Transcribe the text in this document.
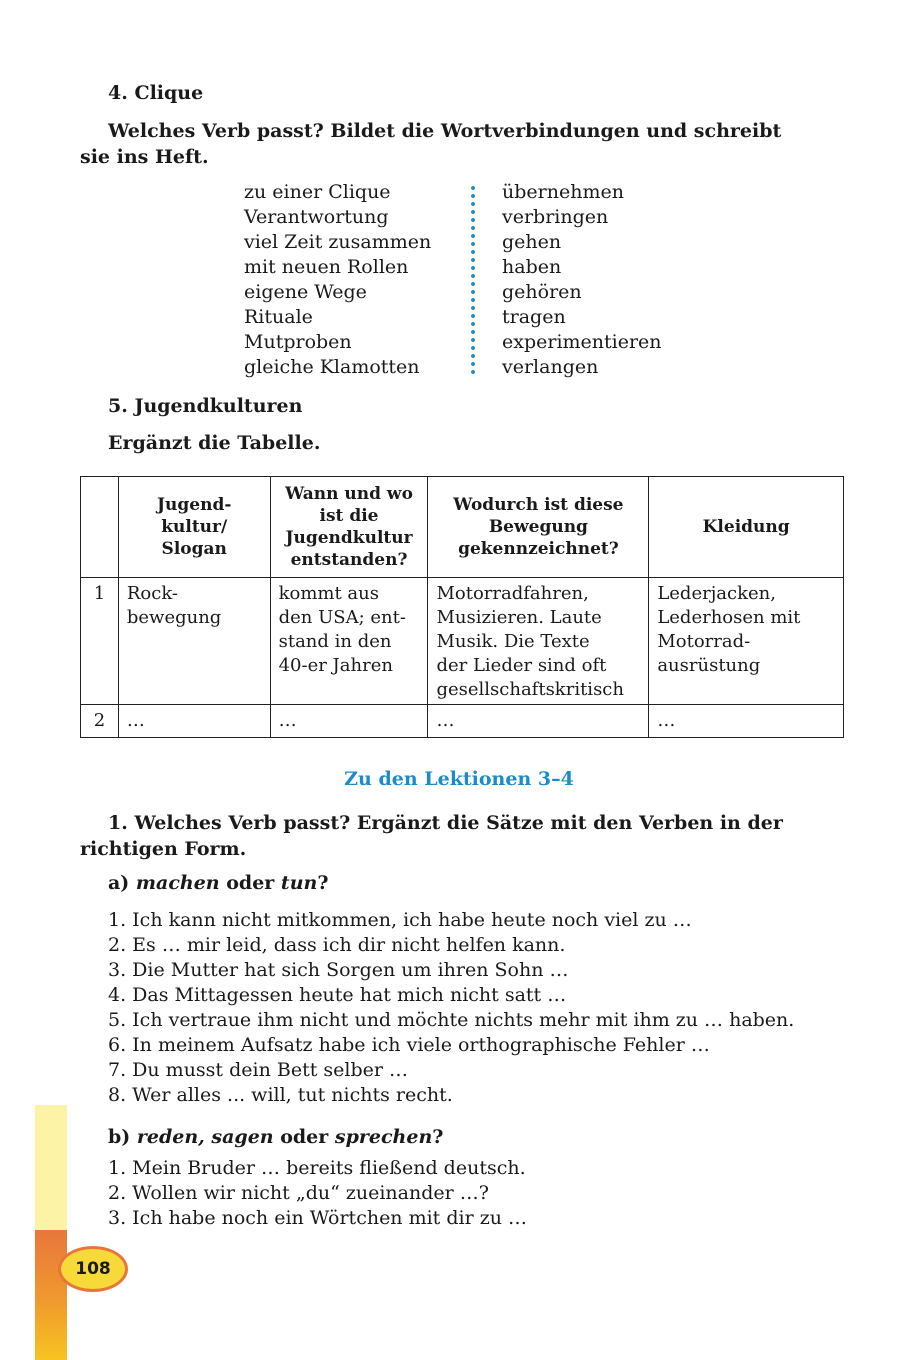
108
4. Clique
Welches Verb passt? Bildet die Wortverbindungen und schreibt
sie ins Heft.
zu einer Clique	übernehmen
Verantwortung	verbringen
viel Zeit zusammen	gehen
mit neuen Rollen	haben
eigene Wege	gehören
Rituale	tragen
Mutproben	experimentieren
gleiche Klamotten	verlangen
5. Jugendkulturen
Ergänzt die Tabelle.
	Jugend-
kultur/
Slogan	Wann und wo
ist die
Jugendkultur
entstanden?	Wodurch ist diese
Bewegung
gekennzeichnet?	Kleidung
1	Rock-
bewegung	kommt aus
den USA; ent-
stand in den
40-er Jahren	Motorradfahren,
Musizieren. Laute
Musik. Die Texte
der Lieder sind oft
gesellschaftskritisch	Lederjacken,
Lederhosen mit
Motorrad-
ausrüstung
2	…	…	…	…
Zu den Lektionen 3–4
1. Welches Verb passt? Ergänzt die Sätze mit den Verben in der
richtigen Form.
a) machen oder tun?
1. Ich kann nicht mitkommen, ich habe heute noch viel zu …
2. Es … mir leid, dass ich dir nicht helfen kann.
3. Die Mutter hat sich Sorgen um ihren Sohn …
4. Das Mittagessen heute hat mich nicht satt …
5. Ich vertraue ihm nicht und möchte nichts mehr mit ihm zu … haben.
6. In meinem Aufsatz habe ich viele orthographische Fehler …
7. Du musst dein Bett selber …
8. Wer alles ... will, tut nichts recht.
b) reden, sagen oder sprechen?
1. Mein Bruder … bereits fließend deutsch.
2. Wollen wir nicht „du“ zueinander …?
3. Ich habe noch ein Wörtchen mit dir zu …
